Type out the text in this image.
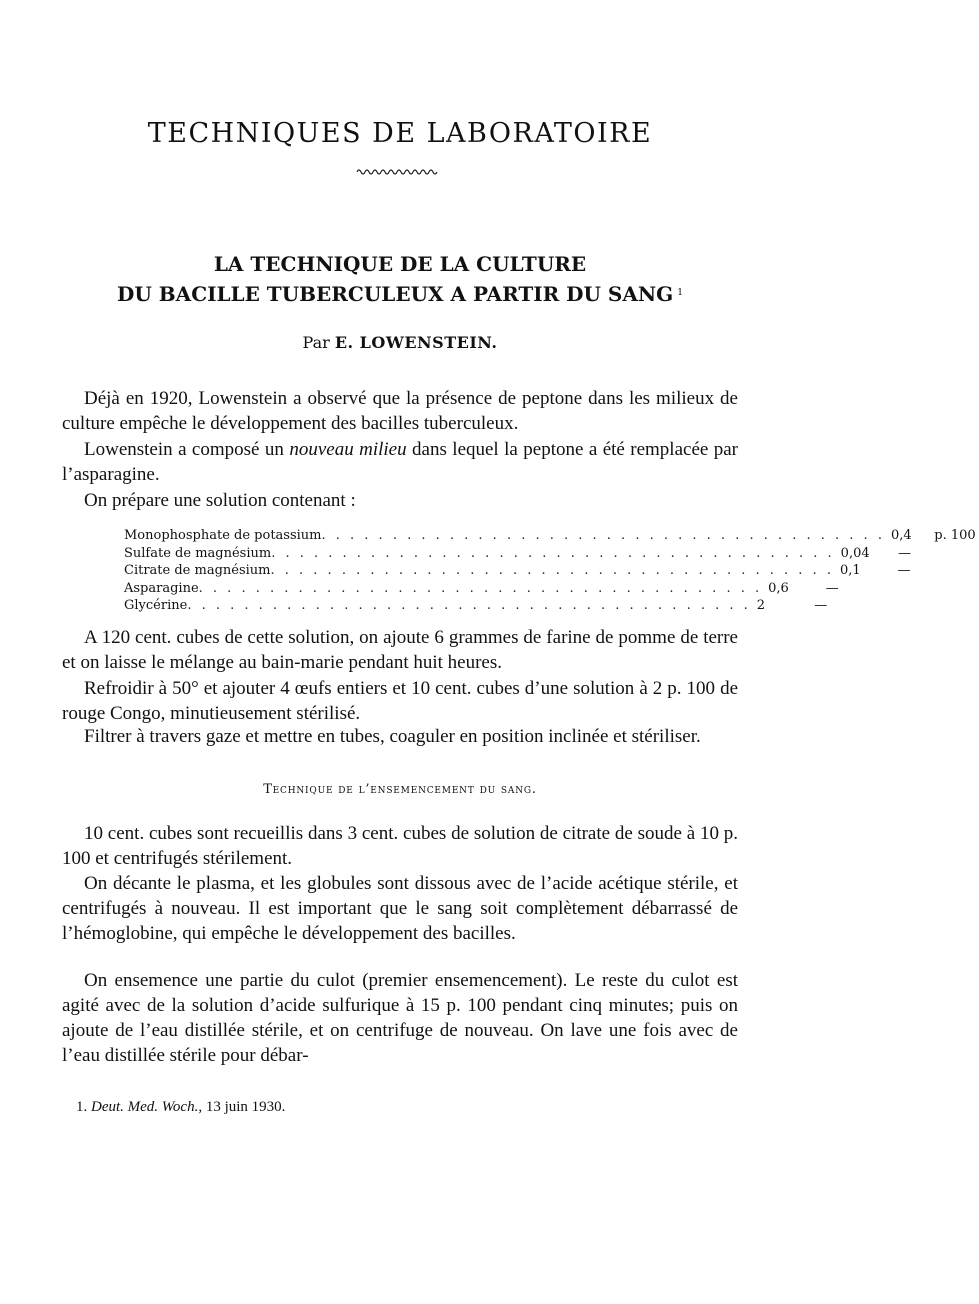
TECHNIQUES DE LABORATOIRE
LA TECHNIQUE DE LA CULTURE
DU BACILLE TUBERCULEUX A PARTIR DU SANG $^1$
Par E. LOWENSTEIN.
Déjà en 1920, Lowenstein a observé que la présence de peptone dans les milieux de culture empêche le développement des bacilles tuberculeux.
Lowenstein a composé un nouveau milieu dans lequel la peptone a été remplacée par l’asparagine.
On prépare une solution contenant :
Monophosphate de potassium . . . . . . . . . . . . . . . . . . . . . . . . . . . . . . . . . . . . . . . . 0,4	p. 100
Sulfate de magnésium . . . . . . . . . . . . . . . . . . . . . . . . . . . . . . . . . . . . . . . . 0,04	—
Citrate de magnésium . . . . . . . . . . . . . . . . . . . . . . . . . . . . . . . . . . . . . . . . 0,1	—
Asparagine . . . . . . . . . . . . . . . . . . . . . . . . . . . . . . . . . . . . . . . . 0,6	—
Glycérine . . . . . . . . . . . . . . . . . . . . . . . . . . . . . . . . . . . . . . . . 2	—
A 120 cent. cubes de cette solution, on ajoute 6 grammes de farine de pomme de terre et on laisse le mélange au bain-marie pendant huit heures.
Refroidir à 50° et ajouter 4 œufs entiers et 10 cent. cubes d’une solution à 2 p. 100 de rouge Congo, minutieusement stérilisé.
Filtrer à travers gaze et mettre en tubes, coaguler en position inclinée et stériliser.
Technique de l’ensemencement du sang.
10 cent. cubes sont recueillis dans 3 cent. cubes de solution de citrate de soude à 10 p. 100 et centrifugés stérilement.
On décante le plasma, et les globules sont dissous avec de l’acide acétique stérile, et centrifugés à nouveau. Il est important que le sang soit complètement débarrassé de l’hémoglobine, qui empêche le développement des bacilles.
On ensemence une partie du culot (premier ensemencement). Le reste du culot est agité avec de la solution d’acide sulfurique à 15 p. 100 pendant cinq minutes; puis on ajoute de l’eau distillée stérile, et on centrifuge de nouveau. On lave une fois avec de l’eau distillée stérile pour débar-
1. Deut. Med. Woch., 13 juin 1930.
